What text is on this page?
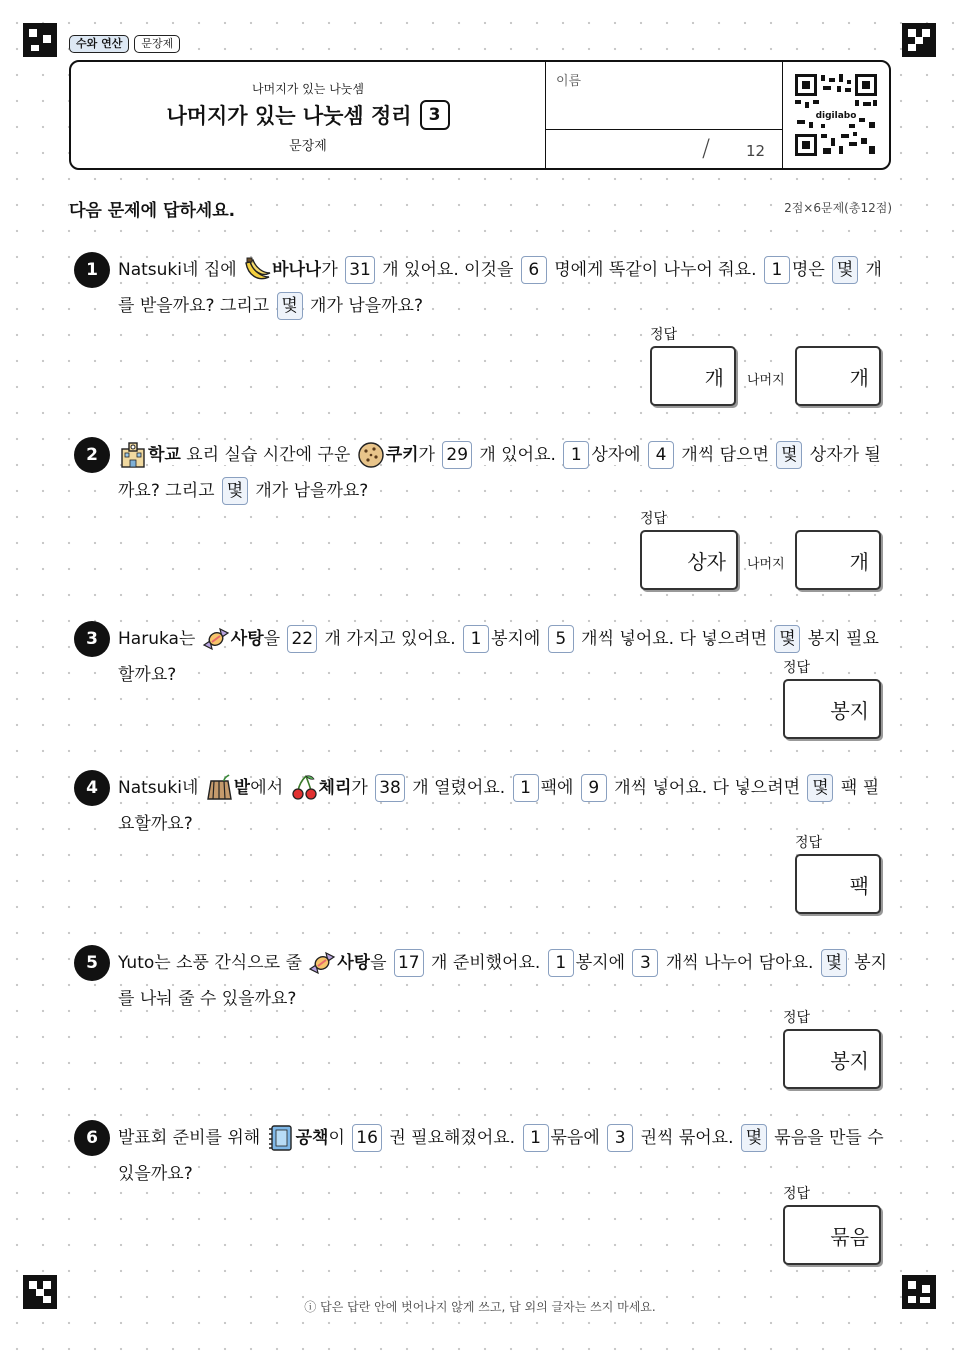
수와 연산	문장제
나머지가 있는 나눗셈
나머지가 있는 나눗셈 정리	3
문장제
이름
/ 12
digilabo
다음 문제에 답하세요.	2점×6문제(총12점)
1	Natsuki네 집에 바나나가 31 개 있어요. 이것을 6 명에게 똑같이 나누어 줘요. 1 명은 몇 개를 받을까요? 그리고 몇 개가 남을까요?
정답
개	나머지	개
2	학교 요리 실습 시간에 구운 쿠키가 29 개 있어요. 1 상자에 4 개씩 담으면 몇 상자가 될까요? 그리고 몇 개가 남을까요?
정답
상자	나머지	개
3	Haruka는 사탕을 22 개 가지고 있어요. 1 봉지에 5 개씩 넣어요. 다 넣으려면 몇 봉지 필요할까요?	정답
봉지
4	Natsuki네 밭에서 체리가 38 개 열렸어요. 1 팩에 9 개씩 넣어요. 다 넣으려면 몇 팩 필요할까요?
정답
팩
5	Yuto는 소풍 간식으로 줄 사탕을 17 개 준비했어요. 1 봉지에 3 개씩 나누어 담아요. 몇 봉지를 나눠 줄 수 있을까요?
정답
봉지
6	발표회 준비를 위해 공책이 16 권 필요해졌어요. 1 묶음에 3 권씩 묶어요. 몇 묶음을 만들 수 있을까요?
정답
묶음
ⓘ 답은 답란 안에 벗어나지 않게 쓰고, 답 외의 글자는 쓰지 마세요.
